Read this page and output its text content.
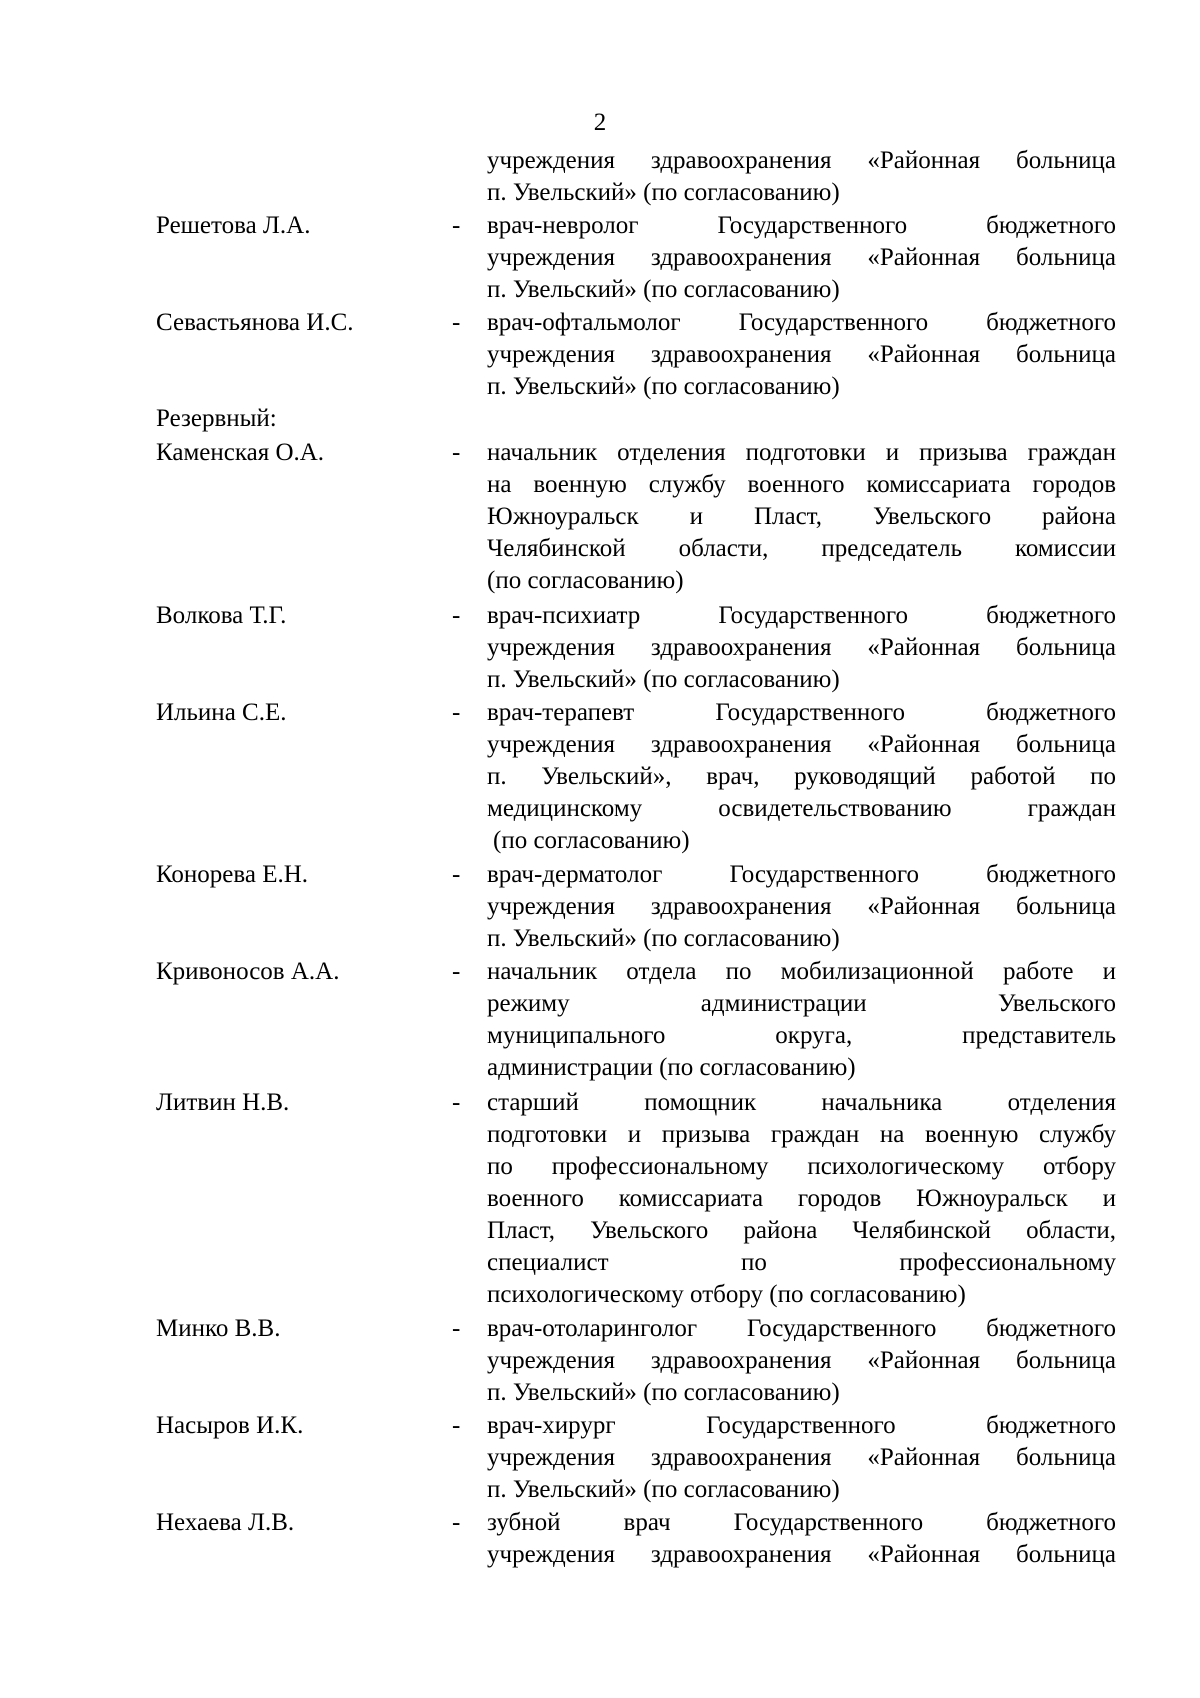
2
учреждения здравоохранения «Районная больница
п. Увельский» (по согласованию)
Решетова Л.А.	- врач-невролог Государственного бюджетного
учреждения здравоохранения «Районная больница
п. Увельский» (по согласованию)
Севастьянова И.С.	- врач-офтальмолог Государственного бюджетного
учреждения здравоохранения «Районная больница
п. Увельский» (по согласованию)
Резервный:
Каменская О.А.	- начальник отделения подготовки и призыва граждан
на военную службу военного комиссариата городов
Южноуральск и Пласт, Увельского района
Челябинской области, председатель комиссии
(по согласованию)
Волкова Т.Г.	- врач-психиатр Государственного бюджетного
учреждения здравоохранения «Районная больница
п. Увельский» (по согласованию)
Ильина С.Е.	- врач-терапевт Государственного бюджетного
учреждения здравоохранения «Районная больница
п. Увельский», врач, руководящий работой по
медицинскому освидетельствованию граждан
(по согласованию)
Конорева Е.Н.	- врач-дерматолог Государственного бюджетного
учреждения здравоохранения «Районная больница
п. Увельский» (по согласованию)
Кривоносов А.А.	- начальник отдела по мобилизационной работе и
режиму администрации Увельского
муниципального округа, представитель
администрации (по согласованию)
Литвин Н.В.	- старший помощник начальника отделения
подготовки и призыва граждан на военную службу
по профессиональному психологическому отбору
военного комиссариата городов Южноуральск и
Пласт, Увельского района Челябинской области,
специалист по профессиональному
психологическому отбору (по согласованию)
Минко В.В.	- врач-отоларинголог Государственного бюджетного
учреждения здравоохранения «Районная больница
п. Увельский» (по согласованию)
Насыров И.К.	- врач-хирург Государственного бюджетного
учреждения здравоохранения «Районная больница
п. Увельский» (по согласованию)
Нехаева Л.В.	- зубной врач Государственного бюджетного
учреждения здравоохранения «Районная больница
